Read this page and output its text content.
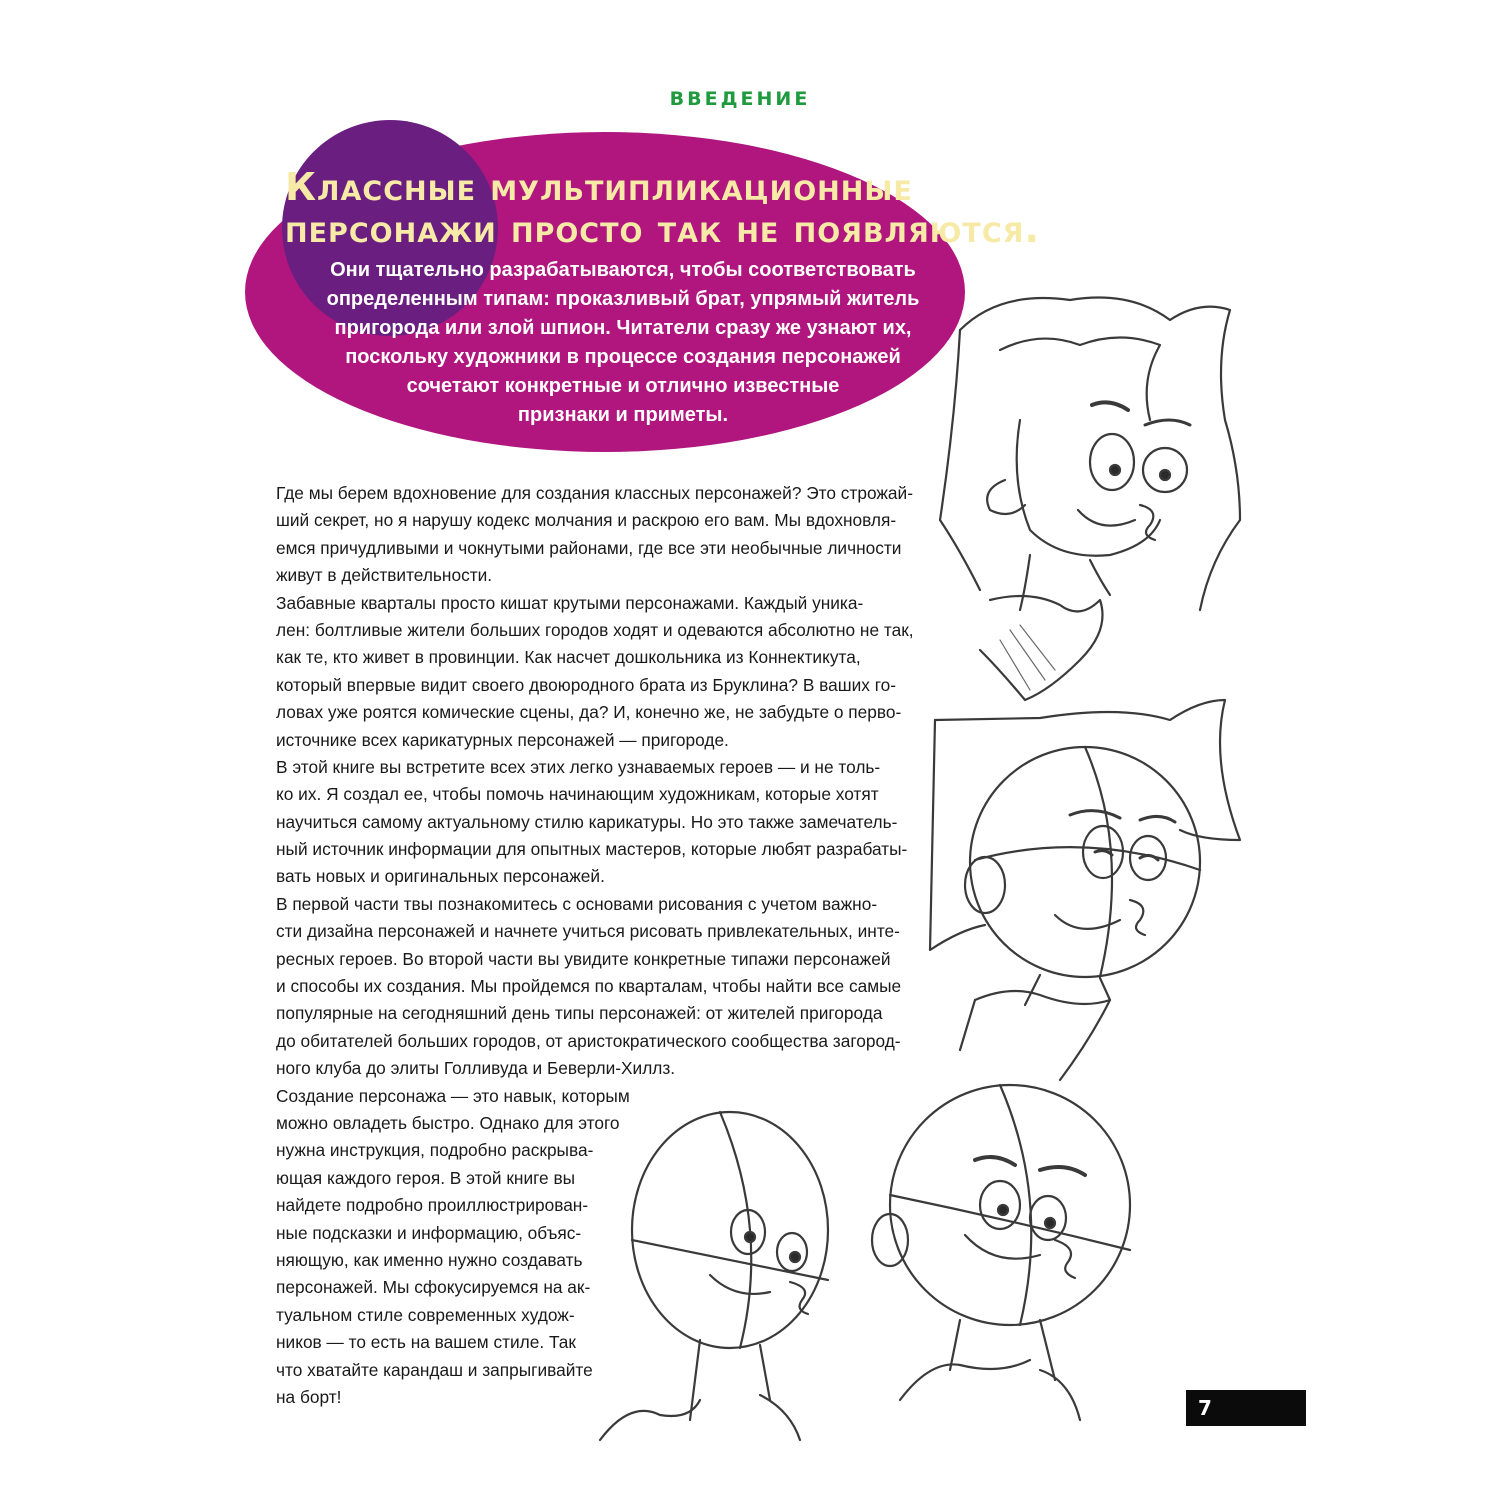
ВВЕДЕНИЕ
Классные мультипликационные
персонажи просто так не появляются.
Они тщательно разрабатываются, чтобы соответствовать
определенным типам: проказливый брат, упрямый житель
пригорода или злой шпион. Читатели сразу же узнают их,
поскольку художники в процессе создания персонажей
сочетают конкретные и отлично известные
признаки и приметы.
Где мы берем вдохновение для создания классных персонажей? Это строжай-
ший секрет, но я нарушу кодекс молчания и раскрою его вам. Мы вдохновля-
емся причудливыми и чокнутыми районами, где все эти необычные личности
живут в действительности.
Забавные кварталы просто кишат крутыми персонажами. Каждый уника-
лен: болтливые жители больших городов ходят и одеваются абсолютно не так,
как те, кто живет в провинции. Как насчет дошкольника из Коннектикута,
который впервые видит своего двоюродного брата из Бруклина? В ваших го-
ловах уже роятся комические сцены, да? И, конечно же, не забудьте о перво-
источнике всех карикатурных персонажей — пригороде.
В этой книге вы встретите всех этих легко узнаваемых героев — и не толь-
ко их. Я создал ее, чтобы помочь начинающим художникам, которые хотят
научиться самому актуальному стилю карикатуры. Но это также замечатель-
ный источник информации для опытных мастеров, которые любят разрабаты-
вать новых и оригинальных персонажей.
В первой части твы познакомитесь с основами рисования с учетом важно-
сти дизайна персонажей и начнете учиться рисовать привлекательных, инте-
ресных героев. Во второй части вы увидите конкретные типажи персонажей
и способы их создания. Мы пройдемся по кварталам, чтобы найти все самые
популярные на сегодняшний день типы персонажей: от жителей пригорода
до обитателей больших городов, от аристократического сообщества загород-
ного клуба до элиты Голливуда и Беверли-Хиллз.
Создание персонажа — это навык, которым
можно овладеть быстро. Однако для этого
нужна инструкция, подробно раскрыва-
ющая каждого героя. В этой книге вы
найдете подробно проиллюстрирован-
ные подсказки и информацию, объяс-
няющую, как именно нужно создавать
персонажей. Мы сфокусируемся на ак-
туальном стиле современных худож-
ников — то есть на вашем стиле. Так
что хватайте карандаш и запрыгивайте
на борт!	7
